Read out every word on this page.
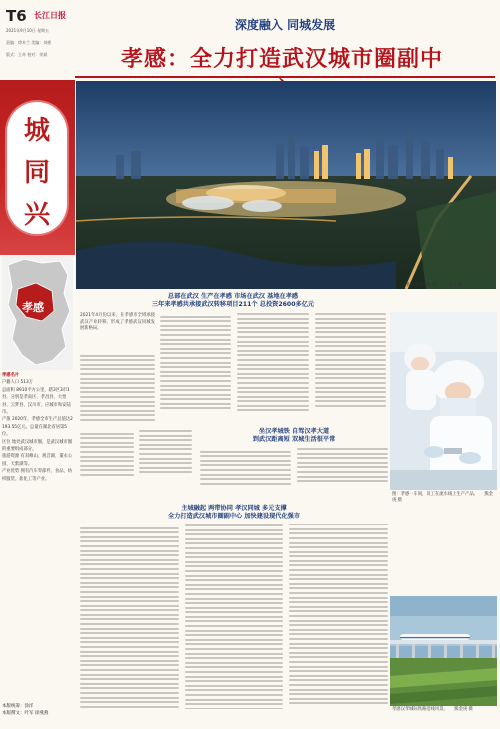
T6 长江日报
2021年9月10日 星期五
责编：徐木兰 美编：刘彬
版式：王奇 校对：佟斌
深度融入 同城发展
孝感：全力打造武汉城市圈副中
城
同
兴
孝感
孝感名片
户籍人口 513万
总面积 8910平方公里，辖3区3市1县，分别是孝南区、孝昌县、大悟县、云梦县、汉川市、应城市和安陆市。
产值 2020年，孝感全市生产总值达2193.55亿元。总量在湖北省居第5位。
区位 地处武汉城市圈，是武汉城市圈的重要组成部分。
旅游资源 有双峰山、观音湖、董永公园、天紫湖等。
产业优势 拥有汽车零部件、食品、纺织服装、盐化工等产业。
本版统筹：涂洋
本版撰文：叶军 徐燕燕
孝感市城城全景。　　王飞 摄
总部在武汉 生产在孝感 市场在武汉 基地在孝感
三年来孝感共承接武汉转移项目211个 总投资2600多亿元
2021年4月份以来，在孝感市全域承接武汉产业转移，形成了孝感武汉同城发展新格局。
坐汉孝城铁 自驾汉孝大道
到武汉距离短 双城生活很平常
主城融起 两带协同 孝汉同城 多元支撑
全力打造武汉城市圈副中心 加快建设现代化强市
图：孝感一车间，员工在流水线上生产产品。　　熊金庚 摄
孝感汉孝城际铁路沿线风景。　　熊金庚 摄
